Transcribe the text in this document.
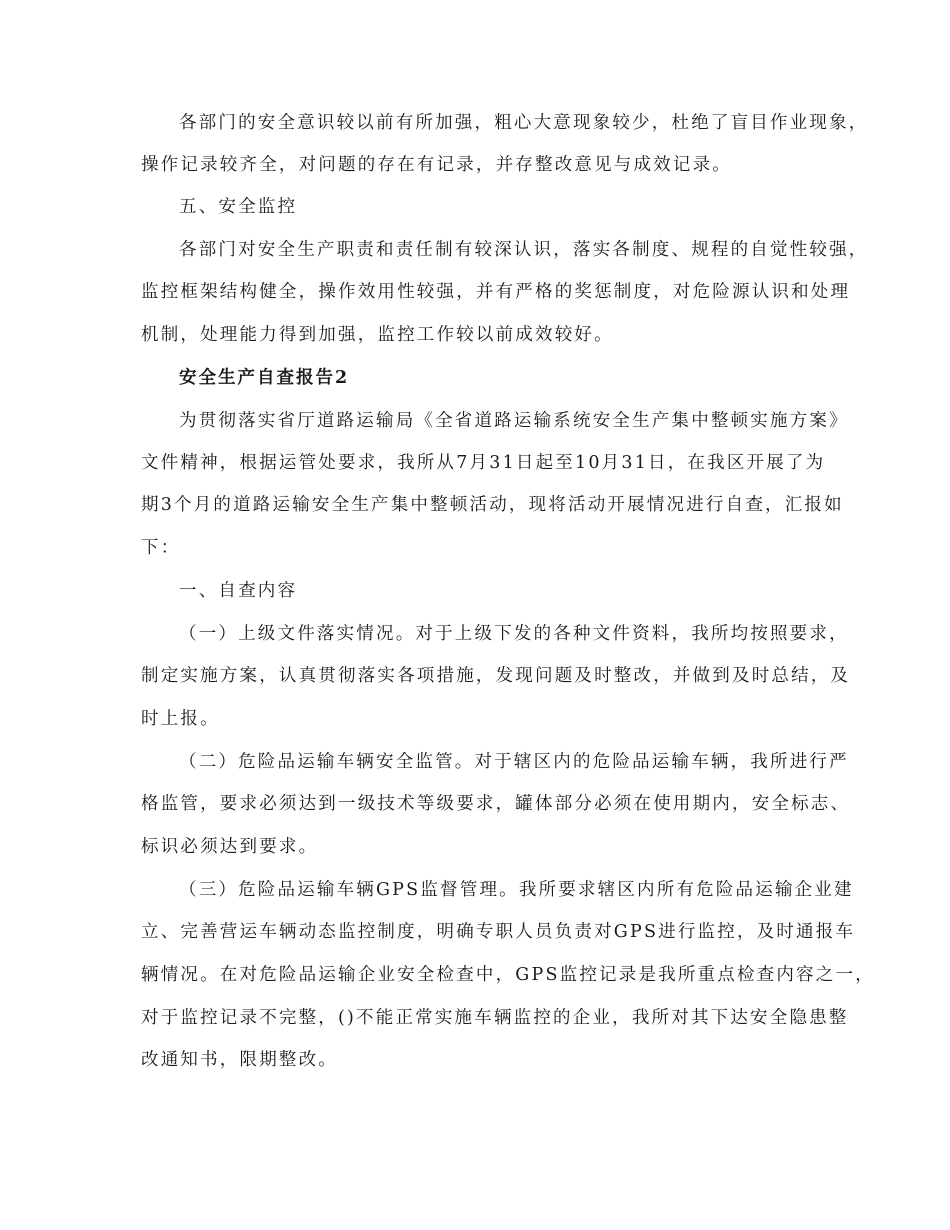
各部门的安全意识较以前有所加强，粗心大意现象较少，杜绝了盲目作业现象，
操作记录较齐全，对问题的存在有记录，并存整改意见与成效记录。
五、安全监控
各部门对安全生产职责和责任制有较深认识，落实各制度、规程的自觉性较强，
监控框架结构健全，操作效用性较强，并有严格的奖惩制度，对危险源认识和处理
机制，处理能力得到加强，监控工作较以前成效较好。
安全生产自查报告2
为贯彻落实省厅道路运输局《全省道路运输系统安全生产集中整顿实施方案》
文件精神，根据运管处要求，我所从7月31日起至10月31日，在我区开展了为
期3个月的道路运输安全生产集中整顿活动，现将活动开展情况进行自查，汇报如
下：
一、自查内容
（一）上级文件落实情况。对于上级下发的各种文件资料，我所均按照要求，
制定实施方案，认真贯彻落实各项措施，发现问题及时整改，并做到及时总结，及
时上报。
（二）危险品运输车辆安全监管。对于辖区内的危险品运输车辆，我所进行严
格监管，要求必须达到一级技术等级要求，罐体部分必须在使用期内，安全标志、
标识必须达到要求。
（三）危险品运输车辆GPS监督管理。我所要求辖区内所有危险品运输企业建
立、完善营运车辆动态监控制度，明确专职人员负责对GPS进行监控，及时通报车
辆情况。在对危险品运输企业安全检查中，GPS监控记录是我所重点检查内容之一，
对于监控记录不完整，()不能正常实施车辆监控的企业，我所对其下达安全隐患整
改通知书，限期整改。
